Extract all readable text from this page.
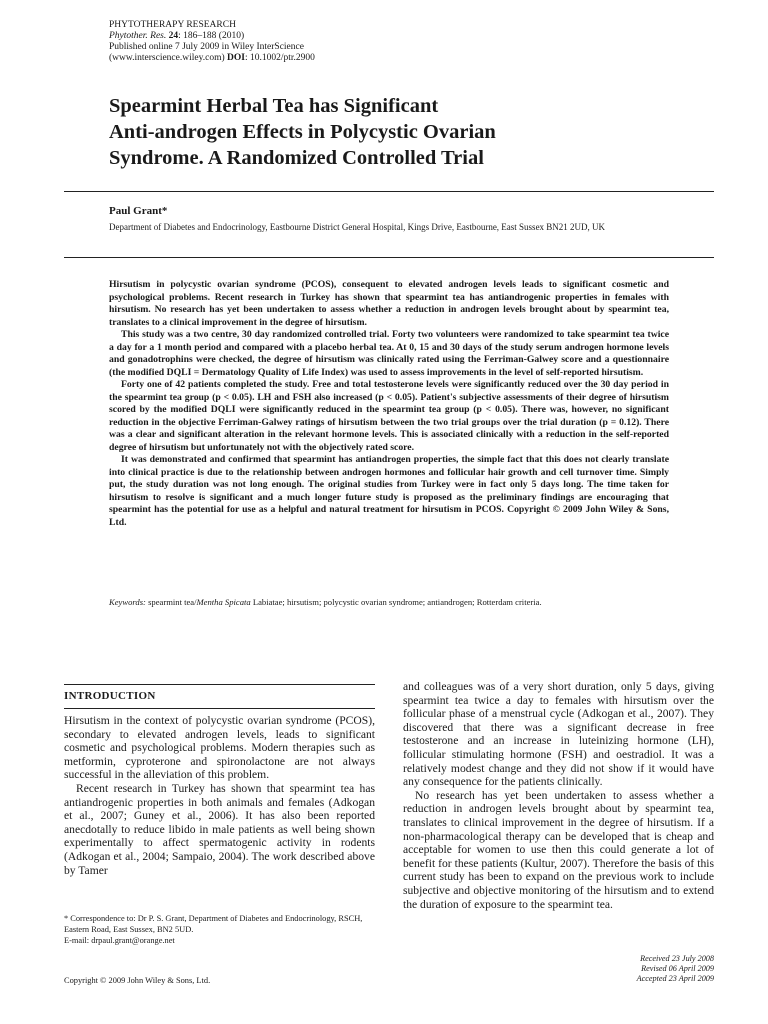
PHYTOTHERAPY RESEARCH
Phytother. Res. 24: 186–188 (2010)
Published online 7 July 2009 in Wiley InterScience
(www.interscience.wiley.com) DOI: 10.1002/ptr.2900
Spearmint Herbal Tea has Significant
Anti-androgen Effects in Polycystic Ovarian
Syndrome. A Randomized Controlled Trial
Paul Grant*
Department of Diabetes and Endocrinology, Eastbourne District General Hospital, Kings Drive, Eastbourne, East Sussex BN21 2UD, UK

Hirsutism in polycystic ovarian syndrome (PCOS), consequent to elevated androgen levels leads to significant cosmetic and psychological problems. Recent research in Turkey has shown that spearmint tea has antiandrogenic properties in females with hirsutism. No research has yet been undertaken to assess whether a reduction in androgen levels brought about by spearmint tea, translates to a clinical improvement in the degree of hirsutism.

This study was a two centre, 30 day randomized controlled trial. Forty two volunteers were randomized to take spearmint tea twice a day for a 1 month period and compared with a placebo herbal tea. At 0, 15 and 30 days of the study serum androgen hormone levels and gonadotrophins were checked, the degree of hirsutism was clinically rated using the Ferriman-Galwey score and a questionnaire (the modified DQLI = Dermatology Quality of Life Index) was used to assess improvements in the level of self-reported hirsutism.

Forty one of 42 patients completed the study. Free and total testosterone levels were significantly reduced over the 30 day period in the spearmint tea group (p < 0.05). LH and FSH also increased (p < 0.05). Patient's subjective assessments of their degree of hirsutism scored by the modified DQLI were significantly reduced in the spearmint tea group (p < 0.05). There was, however, no significant reduction in the objective Ferriman-Galwey ratings of hirsutism between the two trial groups over the trial duration (p = 0.12). There was a clear and significant alteration in the relevant hormone levels. This is associated clinically with a reduction in the self-reported degree of hirsutism but unfortunately not with the objectively rated score.

It was demonstrated and confirmed that spearmint has antiandrogen properties, the simple fact that this does not clearly translate into clinical practice is due to the relationship between androgen hormones and follicular hair growth and cell turnover time. Simply put, the study duration was not long enough. The original studies from Turkey were in fact only 5 days long. The time taken for hirsutism to resolve is significant and a much longer future study is proposed as the preliminary findings are encouraging that spearmint has the potential for use as a helpful and natural treatment for hirsutism in PCOS. Copyright © 2009 John Wiley & Sons, Ltd.

Keywords: spearmint tea/Mentha Spicata Labiatae; hirsutism; polycystic ovarian syndrome; antiandrogen; Rotterdam criteria.
INTRODUCTION

Hirsutism in the context of polycystic ovarian syndrome (PCOS), secondary to elevated androgen levels, leads to significant cosmetic and psychological problems. Modern therapies such as metformin, cyproterone and spironolactone are not always successful in the alleviation of this problem.

Recent research in Turkey has shown that spearmint tea has antiandrogenic properties in both animals and females (Adkogan et al., 2007; Guney et al., 2006). It has also been reported anecdotally to reduce libido in male patients as well being shown experimentally to affect spermatogenic activity in rodents (Adkogan et al., 2004; Sampaio, 2004). The work described above by Tamer

and colleagues was of a very short duration, only 5 days, giving spearmint tea twice a day to females with hirsutism over the follicular phase of a menstrual cycle (Adkogan et al., 2007). They discovered that there was a significant decrease in free testosterone and an increase in luteinizing hormone (LH), follicular stimulating hormone (FSH) and oestradiol. It was a relatively modest change and they did not show if it would have any consequence for the patients clinically.

No research has yet been undertaken to assess whether a reduction in androgen levels brought about by spearmint tea, translates to clinical improvement in the degree of hirsutism. If a non-pharmacological therapy can be developed that is cheap and acceptable for women to use then this could generate a lot of benefit for these patients (Kultur, 2007). Therefore the basis of this current study has been to expand on the previous work to include subjective and objective monitoring of the hirsutism and to extend the duration of exposure to the spearmint tea.

* Correspondence to: Dr P. S. Grant, Department of Diabetes and Endocrinology, RSCH, Eastern Road, East Sussex, BN2 5UD.
E-mail: drpaul.grant@orange.net
Received 23 July 2008
Revised 06 April 2009
Accepted 23 April 2009
Copyright © 2009 John Wiley & Sons, Ltd.
